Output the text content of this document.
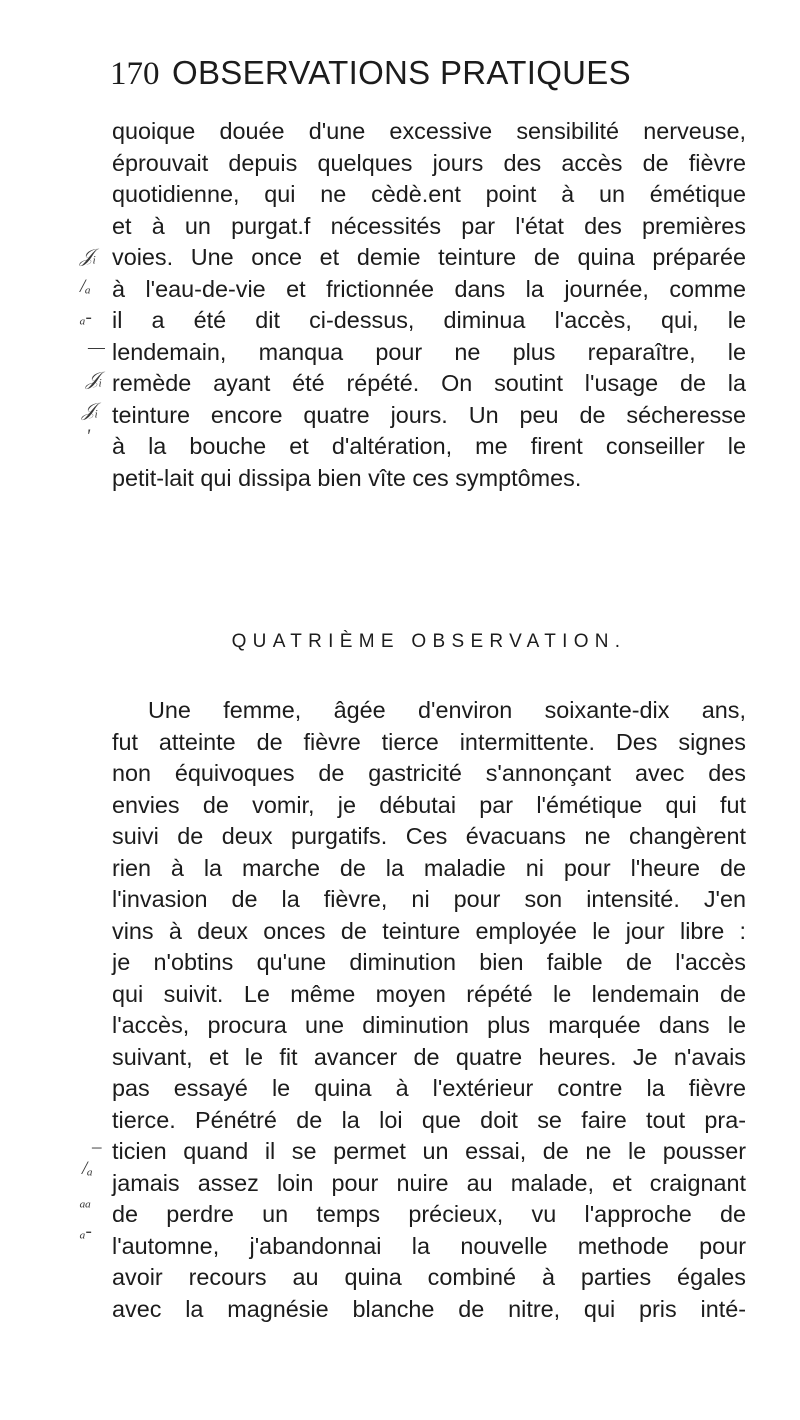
170 OBSERVATIONS PRATIQUES
𝒥ᵢ
/ₐ
ₐ-
—
𝒥ᵢ
𝒥ᵢ
'
_
/ₐ
ₐₐ
ₐ-
quoique douée d'une excessive sensibilité nerveuse,
éprouvait depuis quelques jours des accès de fièvre
quotidienne, qui ne cèdè.ent point à un émétique
et à un purgat.f nécessités par l'état des premières
voies. Une once et demie teinture de quina préparée
à l'eau-de-vie et frictionnée dans la journée, comme
il a été dit ci-dessus, diminua l'accès, qui, le
lendemain, manqua pour ne plus reparaître, le
remède ayant été répété. On soutint l'usage de la
teinture encore quatre jours. Un peu de sécheresse
à la bouche et d'altération, me firent conseiller le
petit-lait qui dissipa bien vîte ces symptômes.
QUATRIÈME OBSERVATION.
Une femme, âgée d'environ soixante-dix ans,
fut atteinte de fièvre tierce intermittente. Des signes
non équivoques de gastricité s'annonçant avec des
envies de vomir, je débutai par l'émétique qui fut
suivi de deux purgatifs. Ces évacuans ne changèrent
rien à la marche de la maladie ni pour l'heure de
l'invasion de la fièvre, ni pour son intensité. J'en
vins à deux onces de teinture employée le jour libre :
je n'obtins qu'une diminution bien faible de l'accès
qui suivit. Le même moyen répété le lendemain de
l'accès, procura une diminution plus marquée dans le
suivant, et le fit avancer de quatre heures. Je n'avais
pas essayé le quina à l'extérieur contre la fièvre
tierce. Pénétré de la loi que doit se faire tout pra-
ticien quand il se permet un essai, de ne le pousser
jamais assez loin pour nuire au malade, et craignant
de perdre un temps précieux, vu l'approche de
l'automne, j'abandonnai la nouvelle methode pour
avoir recours au quina combiné à parties égales
avec la magnésie blanche de nitre, qui pris inté-
